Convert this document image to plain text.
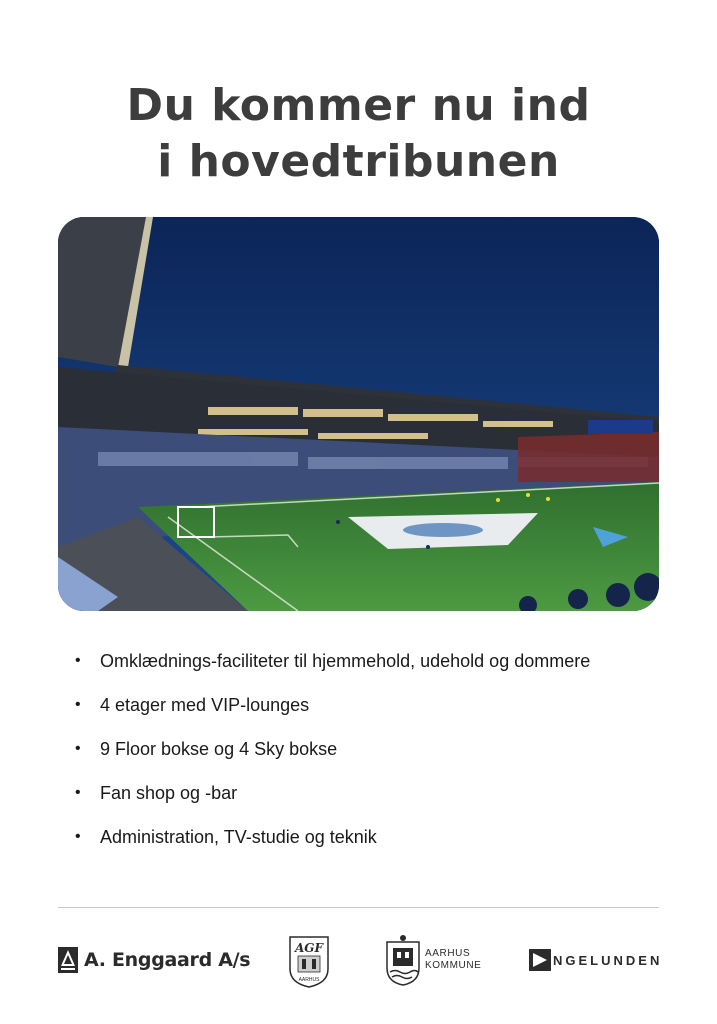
Du kommer nu ind
i hovedtribunen
• Omklædnings-faciliteter til hjemmehold, udehold og dommere
• 4 etager med VIP-lounges
• 9 Floor bokse og 4 Sky bokse
• Fan shop og -bar
• Administration, TV-studie og teknik
A. Enggaard A/s
AGF
AARHUS
AARHUS
KOMMUNE	NGELUNDEN
